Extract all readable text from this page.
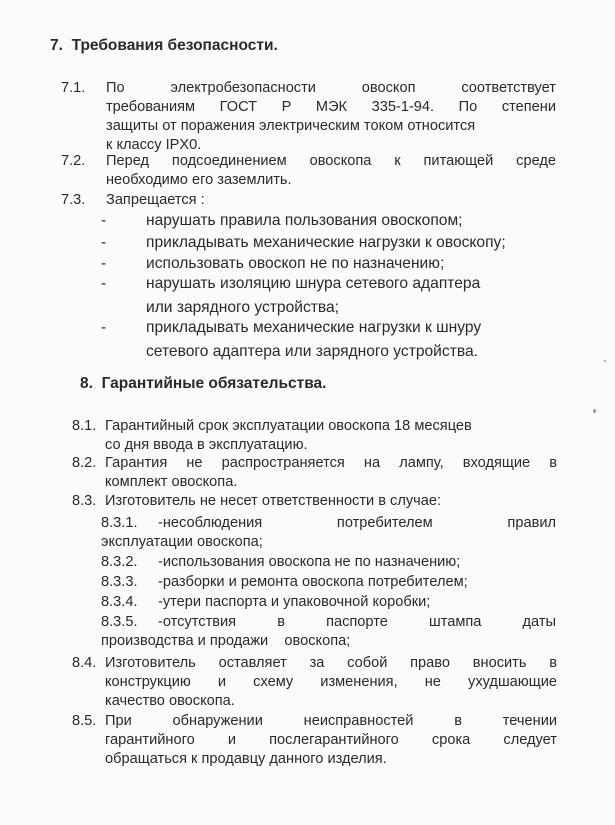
7. Требования безопасности.
7.1. По электробезопасности овоскоп соответствует
требованиям ГОСТ Р МЭК 335-1-94. По степени
защиты от поражения электрическим током относится
к классу IPX0.
7.2. Перед подсоединением овоскопа к питающей среде
необходимо его заземлить.
7.3. Запрещается :
-	нарушать правила пользования овоскопом;
-	прикладывать механические нагрузки к овоскопу;
-	использовать овоскоп не по назначению;
-	нарушать изоляцию шнура сетевого адаптера
или зарядного устройства;
-	прикладывать механические нагрузки к шнуру
сетевого адаптера или зарядного устройства.
8. Гарантийные обязательства.
8.1. Гарантийный срок эксплуатации овоскопа 18 месяцев
со дня ввода в эксплуатацию.
8.2. Гарантия не распространяется на лампу, входящие в
комплект овоскопа.
8.3. Изготовитель не несет ответственности в случае:
8.3.1. -несоблюдения потребителем правил
эксплуатации овоскопа;
8.3.2. -использования овоскопа не по назначению;
8.3.3. -разборки и ремонта овоскопа потребителем;
8.3.4. -утери паспорта и упаковочной коробки;
8.3.5. -отсутствия в паспорте штампа даты
производства и продажи    овоскопа;
8.4. Изготовитель оставляет за собой право вносить в
конструкцию и схему изменения, не ухудшающие
качество овоскопа.
8.5. При обнаружении неисправностей в течении
гарантийного и послегарантийного срока следует
обращаться к продавцу данного изделия.
